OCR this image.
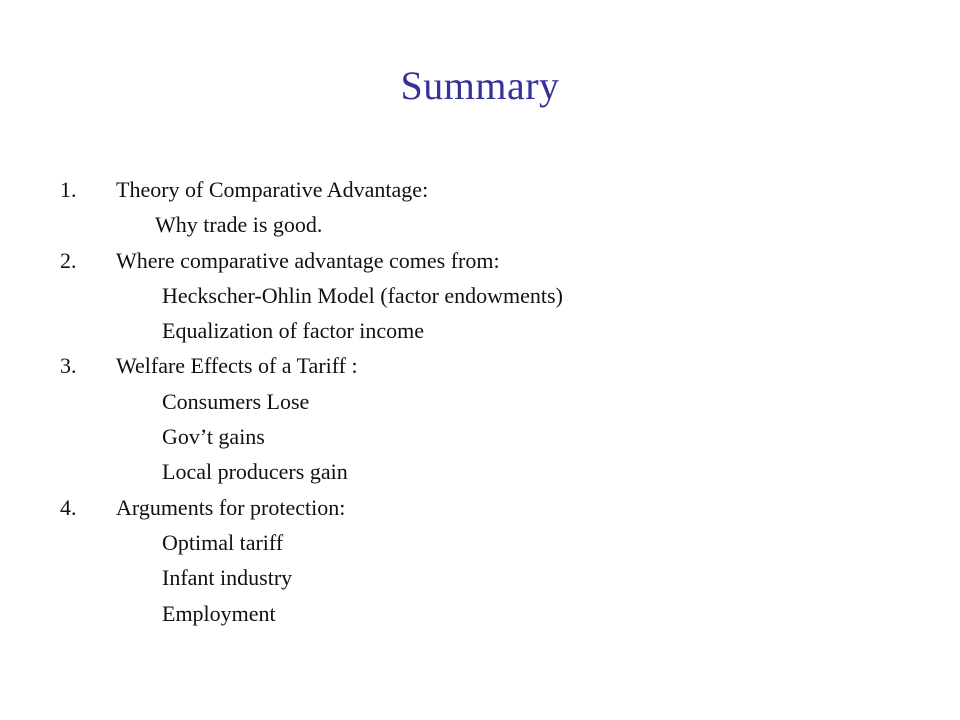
Summary
1. Theory of Comparative Advantage:
Why trade is good.
2. Where comparative advantage comes from:
Heckscher-Ohlin Model (factor endowments)
Equalization of factor income
3. Welfare Effects of a Tariff :
Consumers Lose
Gov’t gains
Local producers gain
4. Arguments for protection:
Optimal tariff
Infant industry
Employment
